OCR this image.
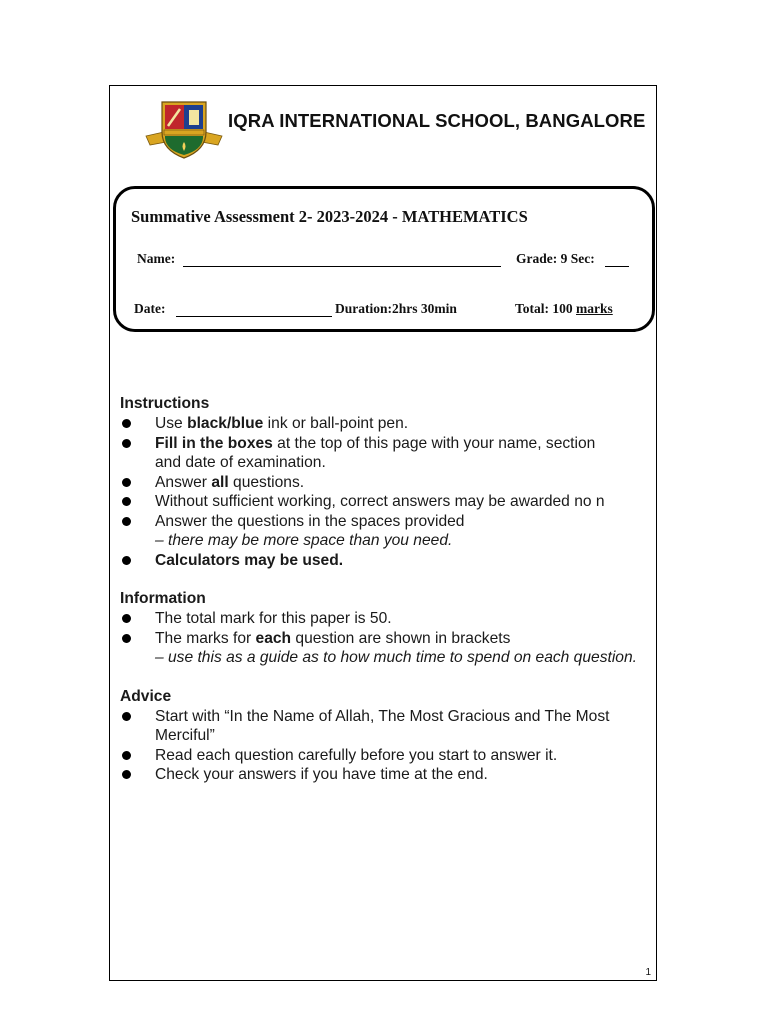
IQRA INTERNATIONAL SCHOOL, BANGALORE
Summative Assessment 2- 2023-2024 - MATHEMATICS
Name:	Grade: 9 Sec:
Date:	Duration:2hrs 30min	Total: 100 marks
Instructions
Use black/blue ink or ball-point pen.
Fill in the boxes at the top of this page with your name, section
and date of examination.
Answer all questions.
Without sufficient working, correct answers may be awarded no n
Answer the questions in the spaces provided
– there may be more space than you need.
Calculators may be used.
Information
The total mark for this paper is 50.
The marks for each question are shown in brackets
– use this as a guide as to how much time to spend on each question.
Advice
Start with “In the Name of Allah, The Most Gracious and The Most
Merciful”
Read each question carefully before you start to answer it.
Check your answers if you have time at the end.
1
